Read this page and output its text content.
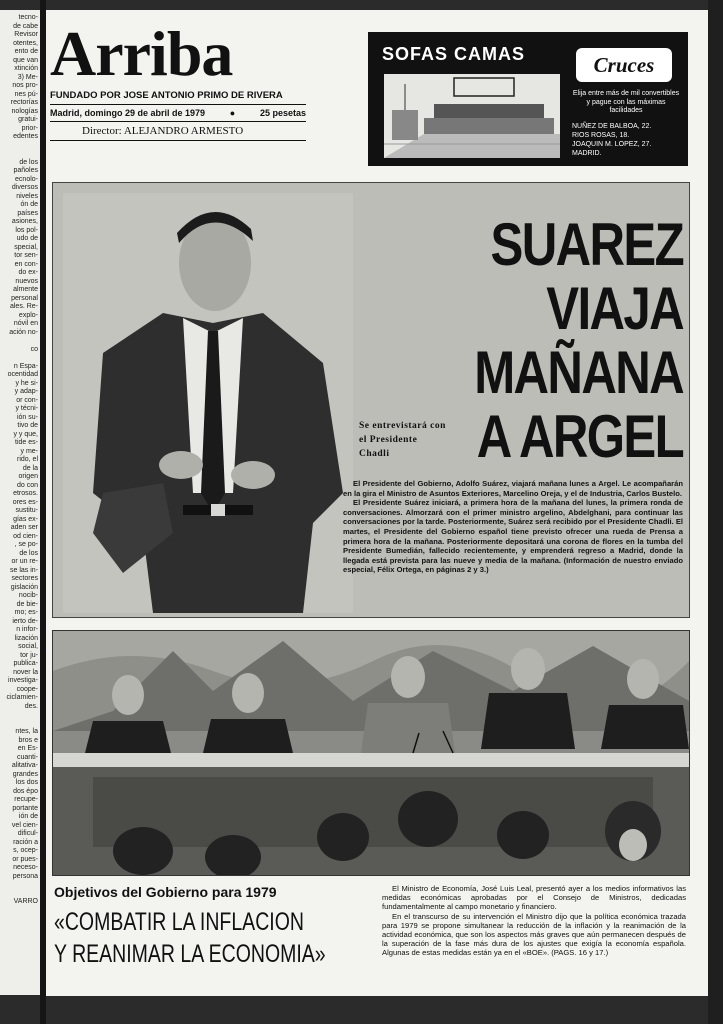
tecno-
de cabe
Revisor
otentes,
ento de
que van
xtinción
3) Me-
nos pro-
nes pú-
rectorías
nologías
gratui-
prior-
edentes

de los
pañoles
ecnolo-
diversos
niveles
ón de
países
asiones,
los pol-
udo de
special,
tor sen-
en con-
do ex-
nuevos
almente
personal
ales. Re-
explo-
nóvil en
ación no-

co

n Espa-
ocentidad
y he si-
y adap-
or con-
y técni-
ión su-
tivo de
y y que,
tide es-
y me-
rido, el
de la
origen
do con
etrosos.
ores es-
sustitu-
gías ex-
aden ser
od cien-
, se po-
de los
or un re-
se las in-
sectores
gislación
nocib-
de bie-
mo; es-
ierto de-
n infor-
lización
social,
tor ju-
publica-
nover la
investiga-
coope-
ciclamien-
des.

ntes, la
bros e
en Es-
cuanti-
alitativa-
grandes
los dos
dos épo
recupe-
portante
ión de
vel cien-
dificul-
ración a
s, ocep-
or pues-
neceso-
persona

VARRO
Arriba
FUNDADO POR JOSE ANTONIO PRIMO DE RIVERA
Madrid, domingo 29 de abril de 1979	●	25 pesetas
Director: ALEJANDRO ARMESTO
SOFAS CAMAS	Cruces
Elija entre más de mil convertibles y pague con las máximas facilidades
NUÑEZ DE BALBOA, 22.
RIOS ROSAS, 18.
JOAQUIN M. LOPEZ, 27.
MADRID.
SUAREZ VIAJA
MAÑANA
A ARGEL
Se entrevistará con el Presidente Chadli
El Presidente del Gobierno, Adolfo Suárez, viajará mañana lunes a Argel. Le acompañarán en la gira el Ministro de Asuntos Exteriores, Marcelino Oreja, y el de Industria, Carlos Bustelo.
El Presidente Suárez iniciará, a primera hora de la mañana del lunes, la primera ronda de conversaciones. Almorzará con el primer ministro argelino, Abdelghani, para continuar las conversaciones por la tarde. Posteriormente, Suárez será recibido por el Presidente Chadli. El martes, el Presidente del Gobierno español tiene previsto ofrecer una rueda de Prensa a primera hora de la mañana. Posteriormente depositará una corona de flores en la tumba del Presidente Bumedián, fallecido recientemente, y emprenderá regreso a Madrid, donde la llegada está prevista para las nueve y media de la mañana. (Información de nuestro enviado especial, Félix Ortega, en páginas 2 y 3.)
Objetivos del Gobierno para 1979
«COMBATIR LA INFLACION
Y REANIMAR LA ECONOMIA»
El Ministro de Economía, José Luis Leal, presentó ayer a los medios informativos las medidas económicas aprobadas por el Consejo de Ministros, dedicadas fundamentalmente al campo monetario y financiero.
En el transcurso de su intervención el Ministro dijo que la política económica trazada para 1979 se propone simultanear la reducción de la inflación y la reanimación de la actividad económica, que son los aspectos más graves que aún permanecen después de la superación de la fase más dura de los ajustes que exigía la economía española. Algunas de estas medidas están ya en el «BOE». (PAGS. 16 y 17.)
